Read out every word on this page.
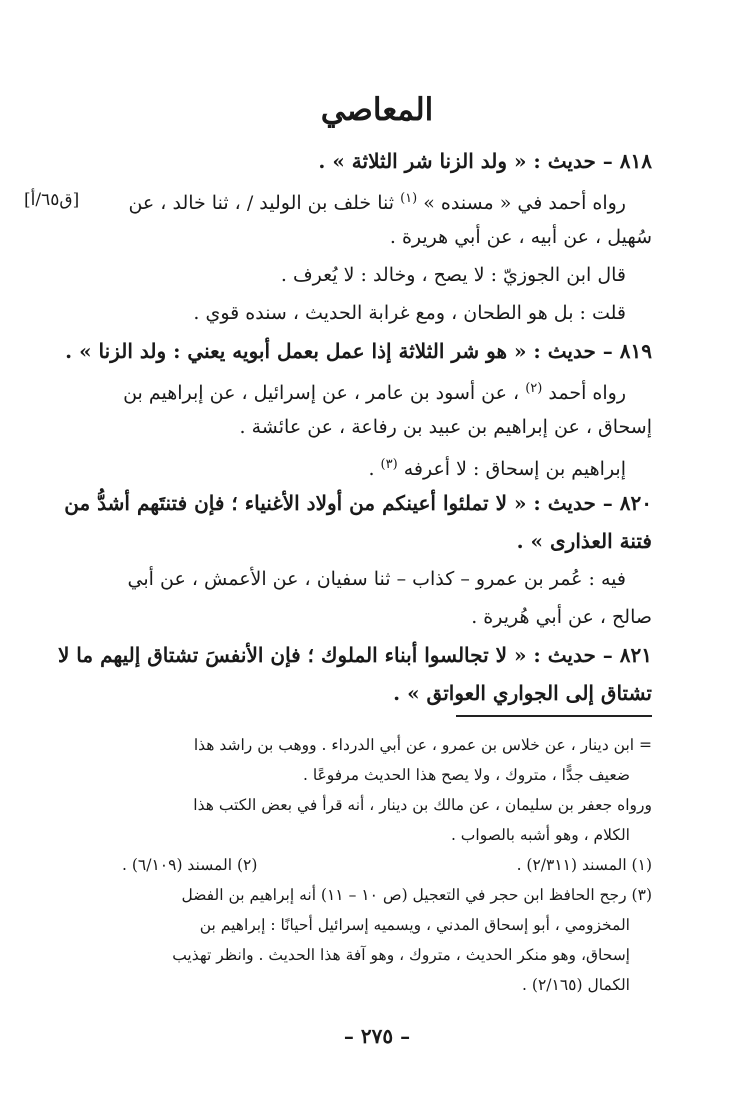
المعاصي
[ق٦٥/أ]
٨١٨ – حديث : « ولد الزنا شر الثلاثة » .
رواه أحمد في « مسنده » $^{(١)}$ ثنا خلف بن الوليد / ، ثنا خالد ، عن
سُهيل ، عن أبيه ، عن أبي هريرة .
قال ابن الجوزيّ : لا يصح ، وخالد : لا يُعرف .
قلت : بل هو الطحان ، ومع غرابة الحديث ، سنده قوي .
٨١٩ – حديث : « هو شر الثلاثة إذا عمل بعمل أبويه يعني : ولد الزنا » .
رواه أحمد $^{(٢)}$ ، عن أسود بن عامر ، عن إسرائيل ، عن إبراهيم بن
إسحاق ، عن إبراهيم بن عبيد بن رفاعة ، عن عائشة .
إبراهيم بن إسحاق : لا أعرفه $^{(٣)}$ .
٨٢٠ – حديث : « لا تملئوا أعينكم من أولاد الأغنياء ؛ فإن فتنتَهم أشدُّ من
فتنة العذارى » .
فيه : عُمر بن عمرو – كذاب – ثنا سفيان ، عن الأعمش ، عن أبي
صالح ، عن أبي هُريرة .
٨٢١ – حديث : « لا تجالسوا أبناء الملوك ؛ فإن الأنفسَ تشتاق إليهم ما لا
تشتاق إلى الجواري العواتق » .
= ابن دينار ، عن خلاس بن عمرو ، عن أبي الدرداء . ووهب بن راشد هذا
ضعيف جدًّا ، متروك ، ولا يصح هذا الحديث مرفوعًا .
ورواه جعفر بن سليمان ، عن مالك بن دينار ، أنه قرأ في بعض الكتب هذا
الكلام ، وهو أشبه بالصواب .
(١) المسند (٢/٣١١) .
(٢) المسند (٦/١٠٩) .
(٣) رجح الحافظ ابن حجر في التعجيل (ص ١٠ – ١١) أنه إبراهيم بن الفضل
المخزومي ، أبو إسحاق المدني ، ويسميه إسرائيل أحيانًا : إبراهيم بن
إسحاق، وهو منكر الحديث ، متروك ، وهو آفة هذا الحديث . وانظر تهذيب
الكمال (٢/١٦٥) .
– ٢٧٥ –
